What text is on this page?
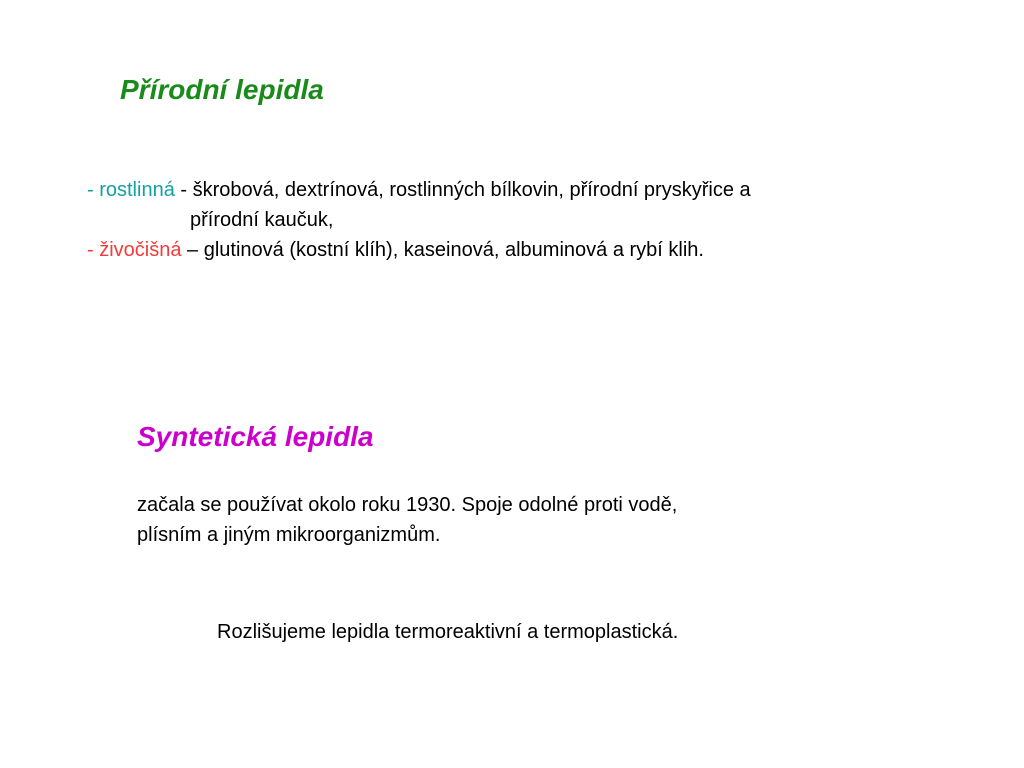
Přírodní lepidla
- rostlinná - škrobová, dextrínová, rostlinných bílkovin, přírodní pryskyřice a
přírodní kaučuk,
- živočišná – glutinová (kostní klíh), kaseinová, albuminová a rybí klih.
Syntetická lepidla
začala se používat okolo roku 1930. Spoje odolné proti vodě,
plísním a jiným mikroorganizmům.
Rozlišujeme lepidla termoreaktivní a termoplastická.
